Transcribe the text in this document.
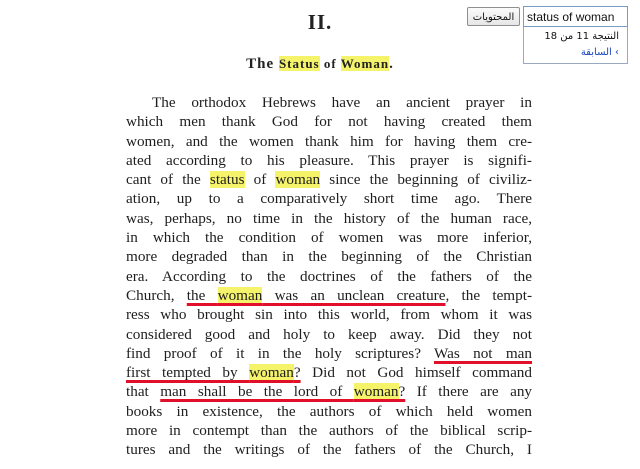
II.
The Status of Woman.
The orthodox Hebrews have an ancient prayer in
which men thank God for not having created them
women, and the women thank him for having them cre-
ated according to his pleasure. This prayer is signifi-
cant of the status of woman since the beginning of civiliz-
ation, up to a comparatively short time ago. There
was, perhaps, no time in the history of the human race,
in which the condition of women was more inferior,
more degraded than in the beginning of the Christian
era. According to the doctrines of the fathers of the
Church, the woman was an unclean creature, the tempt-
ress who brought sin into this world, from whom it was
considered good and holy to keep away. Did they not
find proof of it in the holy scriptures? Was not man
first tempted by woman? Did not God himself command
that man shall be the lord of woman? If there are any
books in existence, the authors of which held women
more in contempt than the authors of the biblical scrip-
tures and the writings of the fathers of the Church, I
المحتويات
status of woman
النتيجة 11 من 18
السابقة ‹
